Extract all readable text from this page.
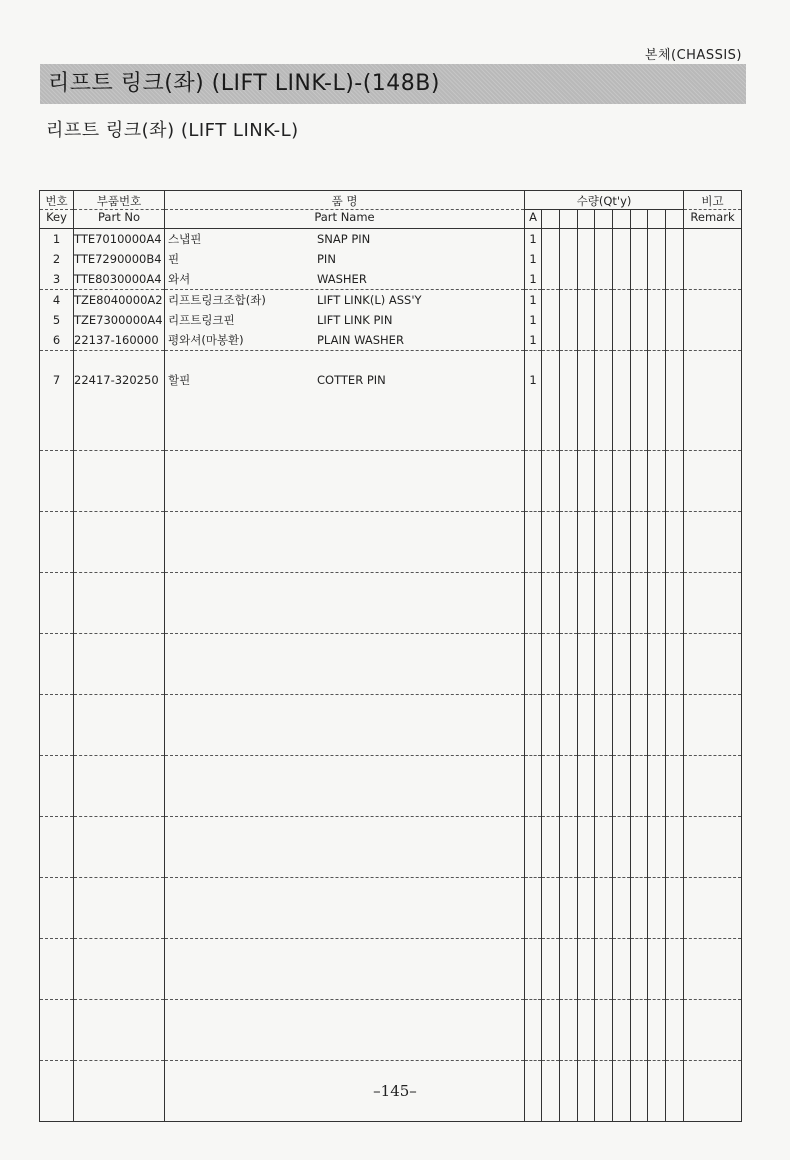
본체(CHASSIS)
리프트 링크(좌) (LIFT LINK-L)-(148B)
리프트 링크(좌) (LIFT LINK-L)
번호	부품번호	품 명	수량(Qt'y)									비고
Key	Part No	Part Name	A									Remark
1	TTE7010000A4	스냅핀 SNAP PIN	1									
2	TTE7290000B4	핀 PIN	1									
3	TTE8030000A4	와셔 WASHER	1									
4	TZE8040000A2	리프트링크조합(좌) LIFT LINK(L) ASS'Y	1									
5	TZE7300000A4	리프트링크핀 LIFT LINK PIN	1									
6	22137-160000	평와셔(마봉환) PLAIN WASHER	1									

7	22417-320250	할핀 COTTER PIN	1									

–145–
